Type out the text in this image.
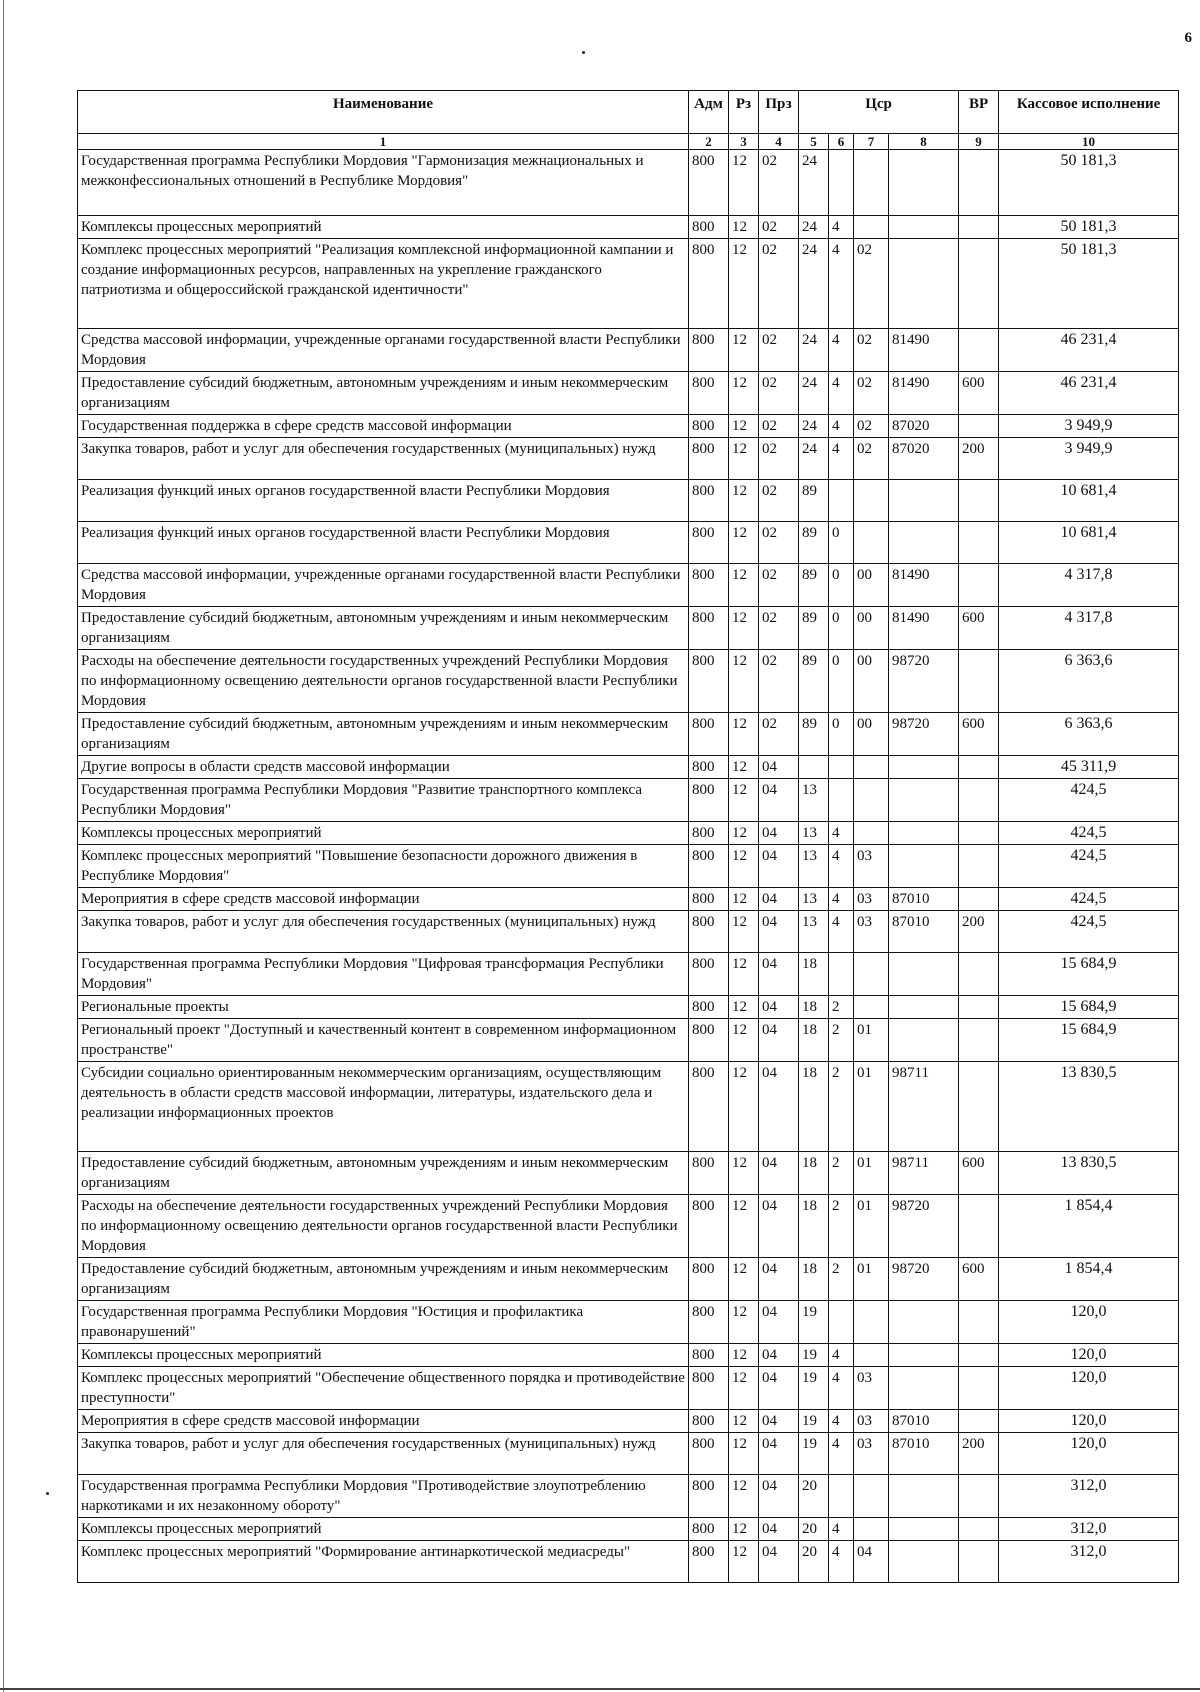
6
Наименование	Адм	Рз	Прз	Цср				ВР	Кассовое исполнение
1	2	3	4	5	6	7	8	9	10
Государственная программа Республики Мордовия "Гармонизация межнациональных и межконфессиональных отношений в Республике Мордовия"	800	12	02	24					50 181,3
Комплексы процессных мероприятий	800	12	02	24	4				50 181,3
Комплекс процессных мероприятий "Реализация комплексной информационной кампании и создание информационных ресурсов, направленных на укрепление гражданского патриотизма и общероссийской гражданской идентичности"	800	12	02	24	4	02			50 181,3
Средства массовой информации, учрежденные органами государственной власти Республики Мордовия	800	12	02	24	4	02	81490		46 231,4
Предоставление субсидий бюджетным, автономным учреждениям и иным некоммерческим организациям	800	12	02	24	4	02	81490	600	46 231,4
Государственная поддержка в сфере средств массовой информации	800	12	02	24	4	02	87020		3 949,9
Закупка товаров, работ и услуг для обеспечения государственных (муниципальных) нужд	800	12	02	24	4	02	87020	200	3 949,9
Реализация функций иных органов государственной власти Республики Мордовия	800	12	02	89					10 681,4
Реализация функций иных органов государственной власти Республики Мордовия	800	12	02	89	0				10 681,4
Средства массовой информации, учрежденные органами государственной власти Республики Мордовия	800	12	02	89	0	00	81490		4 317,8
Предоставление субсидий бюджетным, автономным учреждениям и иным некоммерческим организациям	800	12	02	89	0	00	81490	600	4 317,8
Расходы на обеспечение деятельности государственных учреждений Республики Мордовия по информационному освещению деятельности органов государственной власти Республики Мордовия	800	12	02	89	0	00	98720		6 363,6
Предоставление субсидий бюджетным, автономным учреждениям и иным некоммерческим организациям	800	12	02	89	0	00	98720	600	6 363,6
Другие вопросы в области средств массовой информации	800	12	04						45 311,9
Государственная программа Республики Мордовия "Развитие транспортного комплекса Республики Мордовия"	800	12	04	13					424,5
Комплексы процессных мероприятий	800	12	04	13	4				424,5
Комплекс процессных мероприятий "Повышение безопасности дорожного движения в Республике Мордовия"	800	12	04	13	4	03			424,5
Мероприятия в сфере средств массовой информации	800	12	04	13	4	03	87010		424,5
Закупка товаров, работ и услуг для обеспечения государственных (муниципальных) нужд	800	12	04	13	4	03	87010	200	424,5
Государственная программа Республики Мордовия "Цифровая трансформация Республики Мордовия"	800	12	04	18					15 684,9
Региональные проекты	800	12	04	18	2				15 684,9
Региональный проект "Доступный и качественный контент в современном информационном пространстве"	800	12	04	18	2	01			15 684,9
Субсидии социально ориентированным некоммерческим организациям, осуществляющим деятельность в области средств массовой информации, литературы, издательского дела и реализации информационных проектов	800	12	04	18	2	01	98711		13 830,5
Предоставление субсидий бюджетным, автономным учреждениям и иным некоммерческим организациям	800	12	04	18	2	01	98711	600	13 830,5
Расходы на обеспечение деятельности государственных учреждений Республики Мордовия по информационному освещению деятельности органов государственной власти Республики Мордовия	800	12	04	18	2	01	98720		1 854,4
Предоставление субсидий бюджетным, автономным учреждениям и иным некоммерческим организациям	800	12	04	18	2	01	98720	600	1 854,4
Государственная программа Республики Мордовия "Юстиция и профилактика правонарушений"	800	12	04	19					120,0
Комплексы процессных мероприятий	800	12	04	19	4				120,0
Комплекс процессных мероприятий "Обеспечение общественного порядка и противодействие преступности"	800	12	04	19	4	03			120,0
Мероприятия в сфере средств массовой информации	800	12	04	19	4	03	87010		120,0
Закупка товаров, работ и услуг для обеспечения государственных (муниципальных) нужд	800	12	04	19	4	03	87010	200	120,0
Государственная программа Республики Мордовия "Противодействие злоупотреблению наркотиками и их незаконному обороту"	800	12	04	20					312,0
Комплексы процессных мероприятий	800	12	04	20	4				312,0
Комплекс процессных мероприятий "Формирование антинаркотической медиасреды"	800	12	04	20	4	04			312,0
